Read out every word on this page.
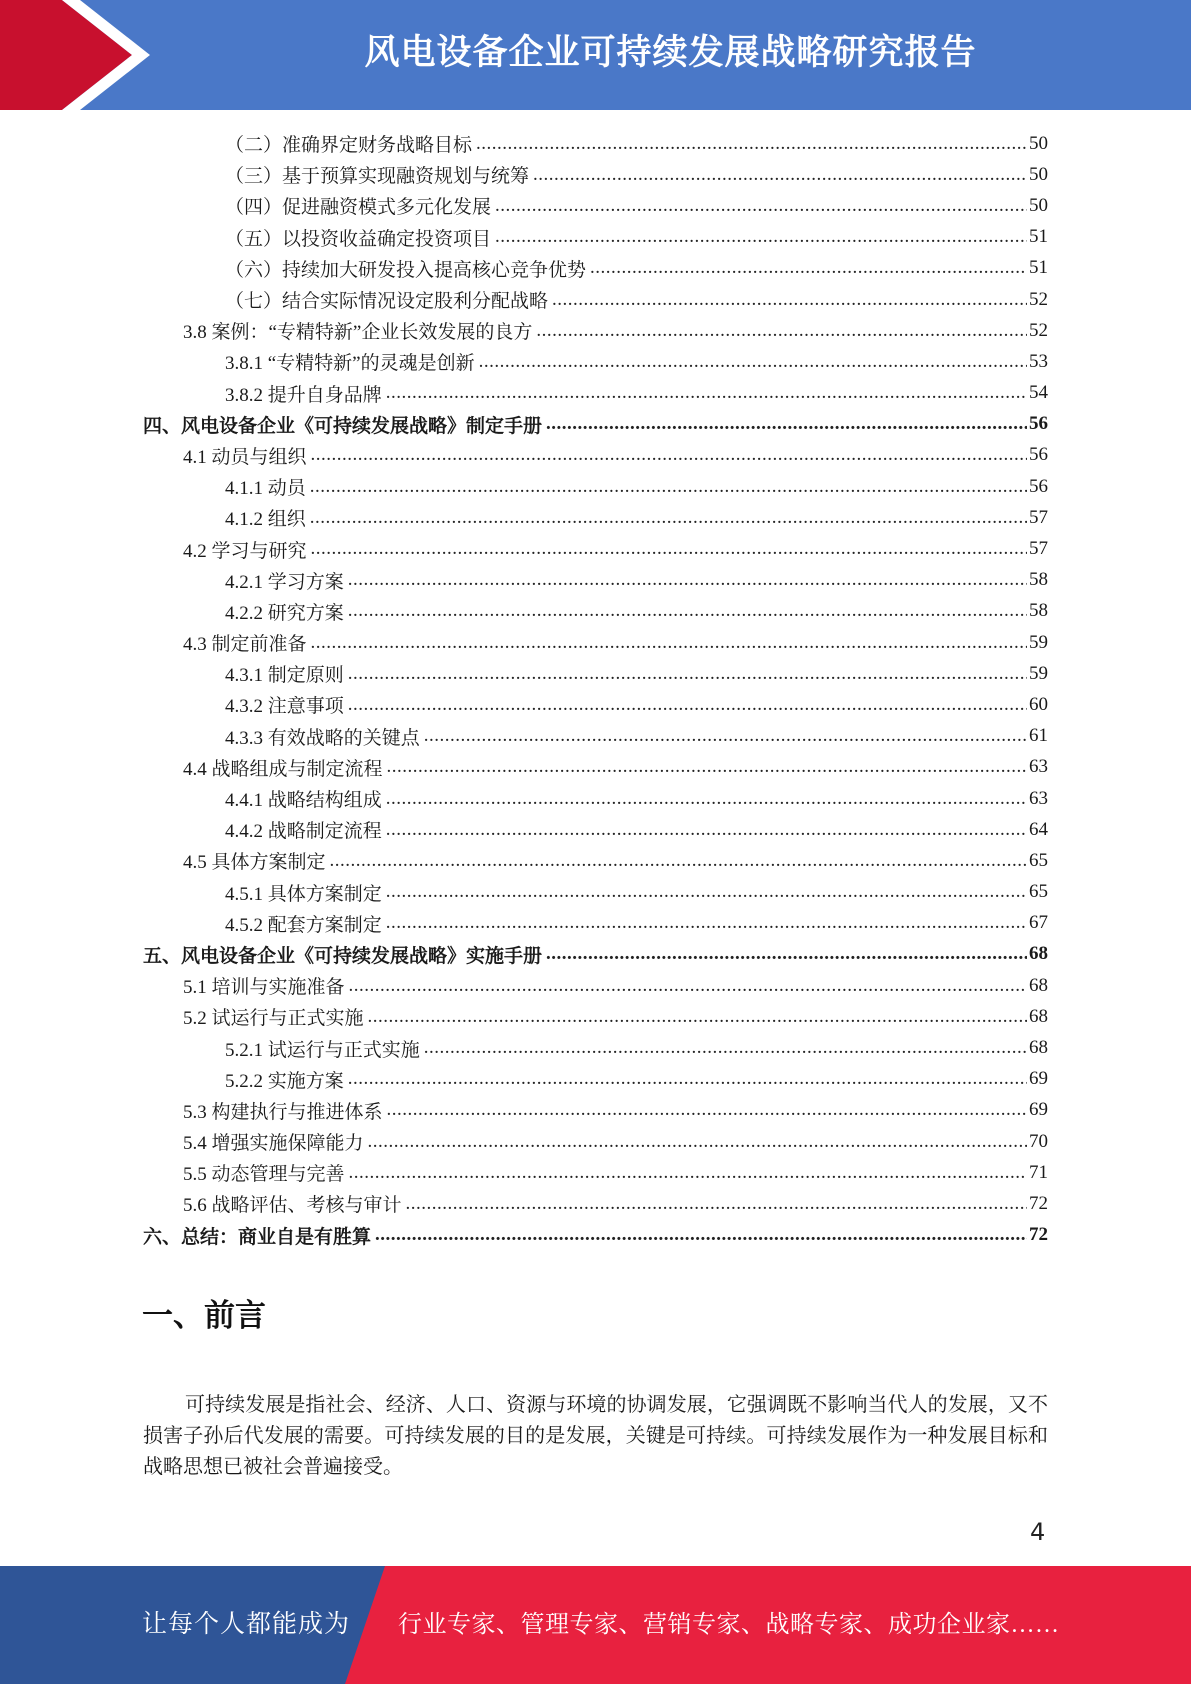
风电设备企业可持续发展战略研究报告
（二）准确界定财务战略目标 .....	50
（三）基于预算实现融资规划与统筹 .....	50
（四）促进融资模式多元化发展 .....	50
（五）以投资收益确定投资项目 .....	51
（六）持续加大研发投入提高核心竞争优势 .....	51
（七）结合实际情况设定股利分配战略 .....	52
3.8 案例：“专精特新”企业长效发展的良方 .....	52
3.8.1 “专精特新”的灵魂是创新 .....	53
3.8.2 提升自身品牌 .....	54
四、风电设备企业《可持续发展战略》制定手册 .....	56
4.1 动员与组织 .....	56
4.1.1 动员 .....	56
4.1.2 组织 .....	57
4.2 学习与研究 .....	57
4.2.1 学习方案 .....	58
4.2.2 研究方案 .....	58
4.3 制定前准备 .....	59
4.3.1 制定原则 .....	59
4.3.2 注意事项 .....	60
4.3.3 有效战略的关键点 .....	61
4.4 战略组成与制定流程 .....	63
4.4.1 战略结构组成 .....	63
4.4.2 战略制定流程 .....	64
4.5 具体方案制定 .....	65
4.5.1 具体方案制定 .....	65
4.5.2 配套方案制定 .....	67
五、风电设备企业《可持续发展战略》实施手册 .....	68
5.1 培训与实施准备 .....	68
5.2 试运行与正式实施 .....	68
5.2.1 试运行与正式实施 .....	68
5.2.2 实施方案 .....	69
5.3 构建执行与推进体系 .....	69
5.4 增强实施保障能力 .....	70
5.5 动态管理与完善 .....	71
5.6 战略评估、考核与审计 .....	72
六、总结：商业自是有胜算 .....	72
一、前言
可持续发展是指社会、经济、人口、资源与环境的协调发展，它强调既不影响当代人的发展，又不损害子孙后代发展的需要。可持续发展的目的是发展，关键是可持续。可持续发展作为一种发展目标和战略思想已被社会普遍接受。
4
让每个人都能成为 行业专家、管理专家、营销专家、战略专家、成功企业家……
